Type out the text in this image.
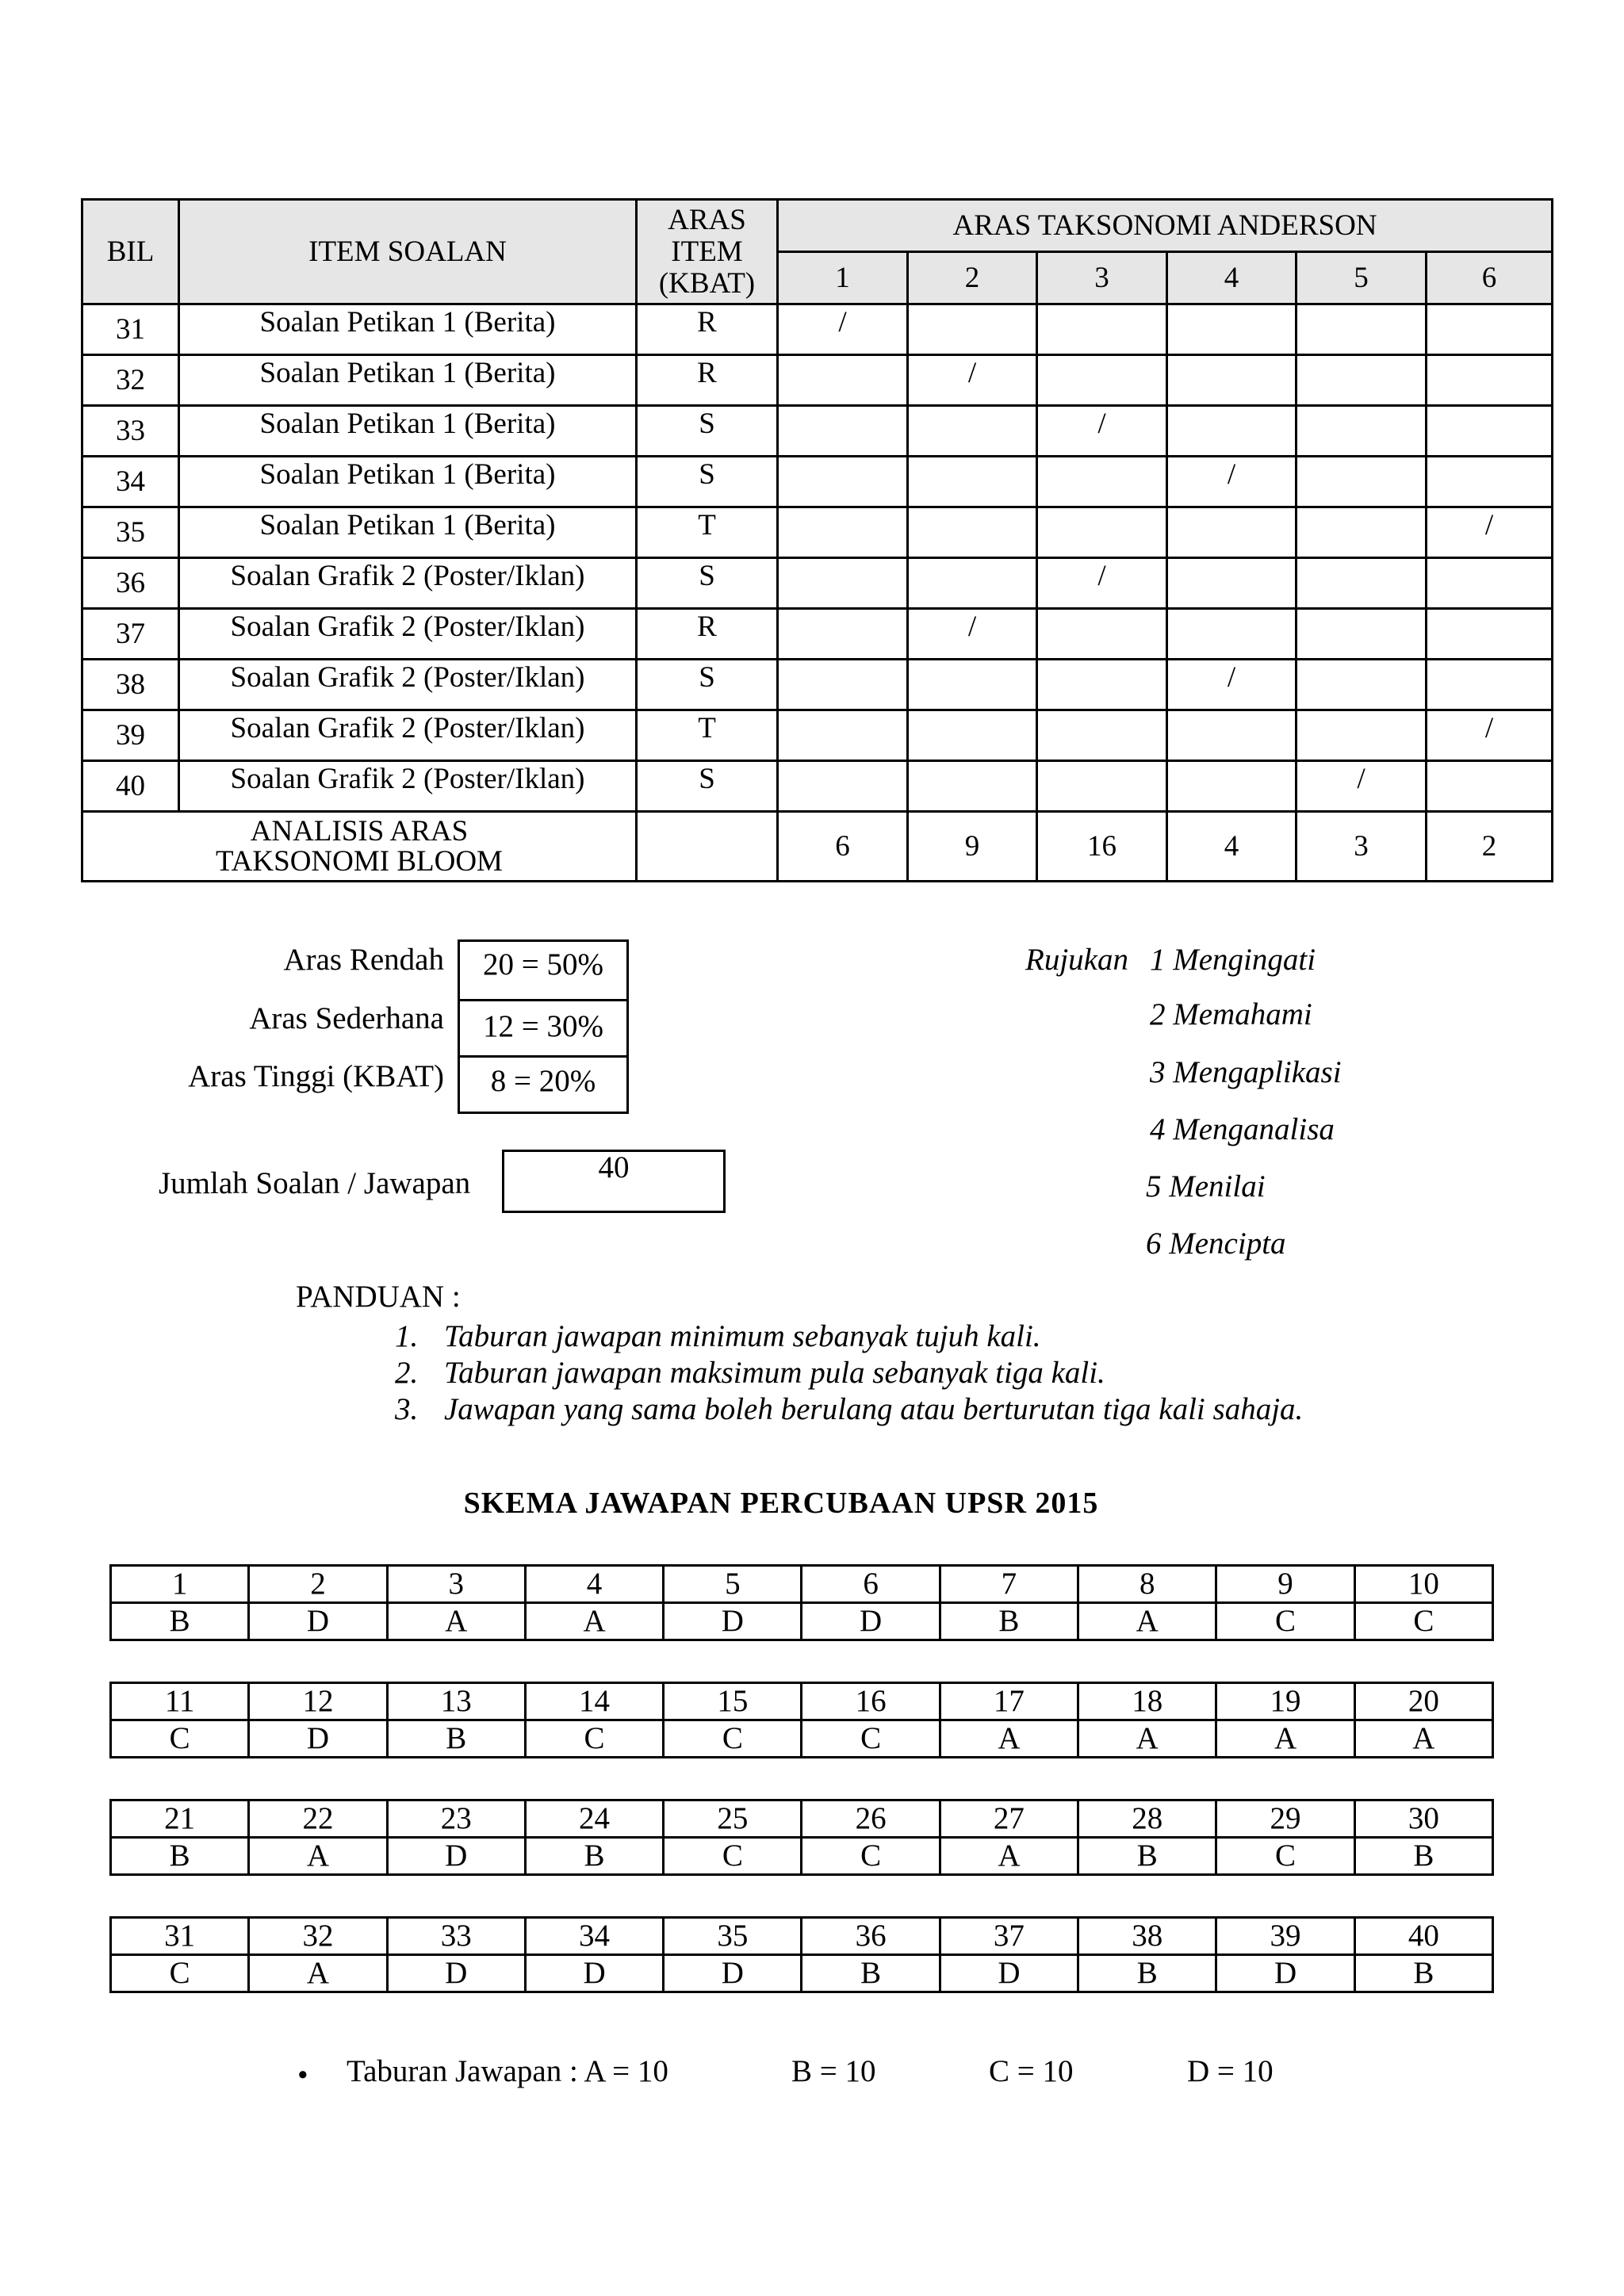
BIL	ITEM SOALAN	ARAS
ITEM
(KBAT)	ARAS TAKSONOMI ANDERSON					
			1	2	3	4	5	6
31	Soalan Petikan 1 (Berita)	R	/					
32	Soalan Petikan 1 (Berita)	R		/				
33	Soalan Petikan 1 (Berita)	S			/			
34	Soalan Petikan 1 (Berita)	S				/		
35	Soalan Petikan 1 (Berita)	T						/
36	Soalan Grafik 2 (Poster/Iklan)	S			/			
37	Soalan Grafik 2 (Poster/Iklan)	R		/				
38	Soalan Grafik 2 (Poster/Iklan)	S				/		
39	Soalan Grafik 2 (Poster/Iklan)	T						/
40	Soalan Grafik 2 (Poster/Iklan)	S					/	

ANALISIS ARAS
TAKSONOMI BLOOM			6	9	16	4	3	2
Aras Rendah
Aras Sederhana
Aras Tinggi (KBAT)
20 = 50%
12 = 30%
8 = 20%
Jumlah Soalan / Jawapan	40
Rujukan 1 Mengingati
2 Memahami
3 Mengaplikasi
4 Menganalisa
5 Menilai
6 Mencipta
PANDUAN :
1. Taburan jawapan minimum sebanyak tujuh kali.
2. Taburan jawapan maksimum pula sebanyak tiga kali.
3. Jawapan yang sama boleh berulang atau berturutan tiga kali sahaja.
SKEMA JAWAPAN PERCUBAAN UPSR 2015
1	2	3	4	5	6	7	8	9	10
B	D	A	A	D	D	B	A	C	C
11	12	13	14	15	16	17	18	19	20
C	D	B	C	C	C	A	A	A	A
21	22	23	24	25	26	27	28	29	30
B	A	D	B	C	C	A	B	C	B
31	32	33	34	35	36	37	38	39	40
C	A	D	D	D	B	D	B	D	B
• Taburan Jawapan : A = 10	B = 10	C = 10	D = 10
